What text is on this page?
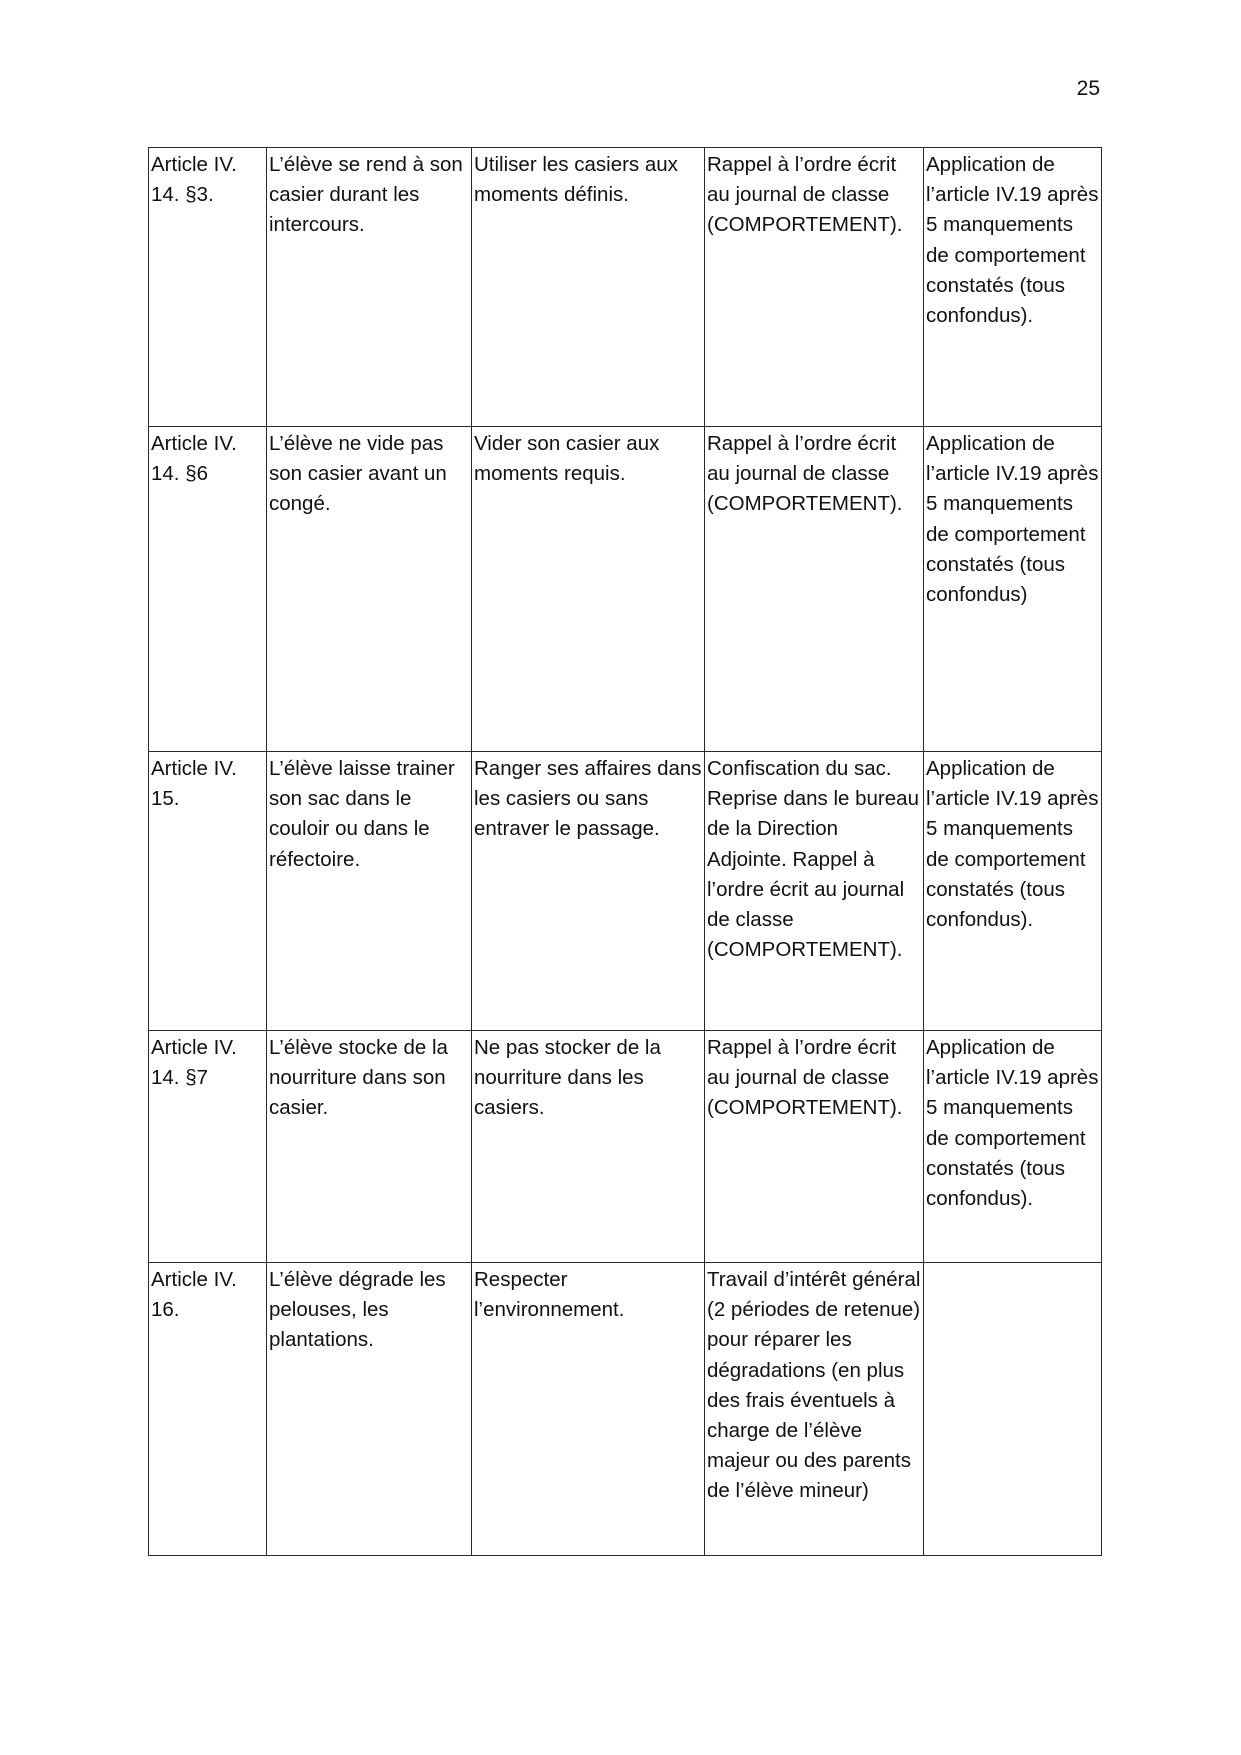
25
Article IV. 14. §3.	L’élève se rend à son casier durant les intercours.	Utiliser les casiers aux moments définis.	Rappel à l’ordre écrit au journal de classe (COMPORTEMENT).	Application de l’article IV.19 après 5 manquements de comportement constatés (tous confondus).

Article IV. 14. §6	L’élève ne vide pas son casier avant un congé.	Vider son casier aux moments requis.	Rappel à l’ordre écrit au journal de classe (COMPORTEMENT).	Application de l’article IV.19 après 5 manquements de comportement constatés (tous confondus)

Article IV. 15.	L’élève laisse trainer son sac dans le couloir ou dans le réfectoire.	Ranger ses affaires dans les casiers ou sans entraver le passage.	Confiscation du sac. Reprise dans le bureau de la Direction Adjointe. Rappel à l’ordre écrit au journal de classe (COMPORTEMENT).	Application de l’article IV.19 après 5 manquements de comportement constatés (tous confondus).

Article IV. 14. §7	L’élève stocke de la nourriture dans son casier.	Ne pas stocker de la nourriture dans les casiers.	Rappel à l’ordre écrit au journal de classe (COMPORTEMENT).	Application de l’article IV.19 après 5 manquements de comportement constatés (tous confondus).

Article IV. 16.	L’élève dégrade les pelouses, les plantations.	Respecter l’environnement.	Travail d’intérêt général (2 périodes de retenue) pour réparer les dégradations (en plus des frais éventuels à charge de l’élève majeur ou des parents de l’élève mineur)	
